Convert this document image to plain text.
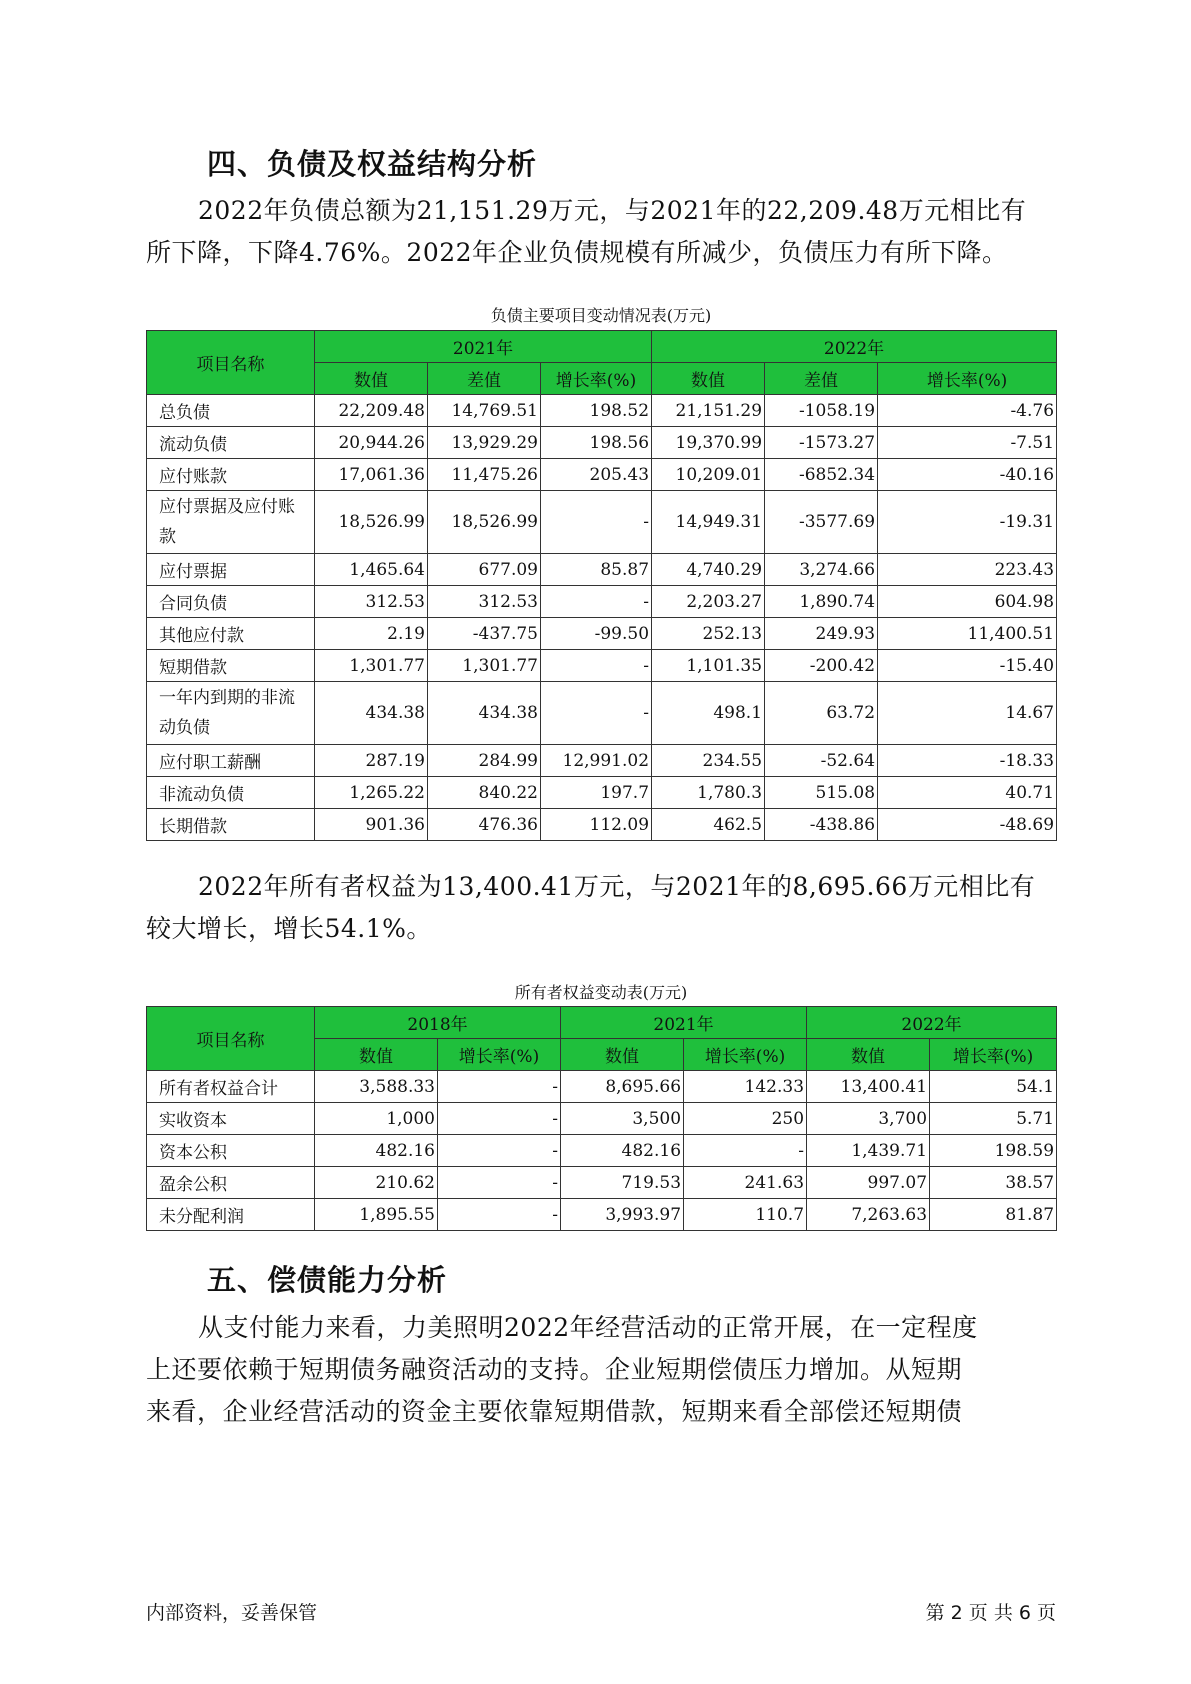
四、负债及权益结构分析
2022年负债总额为21,151.29万元，与2021年的22,209.48万元相比有
所下降，下降4.76%。2022年企业负债规模有所减少，负债压力有所下降。
负债主要项目变动情况表(万元)
项目名称	2021年			2022年		
	数值	差值	增长率(%)	数值	差值	增长率(%)
总负债	22,209.48	14,769.51	198.52	21,151.29	-1058.19	-4.76
流动负债	20,944.26	13,929.29	198.56	19,370.99	-1573.27	-7.51
应付账款	17,061.36	11,475.26	205.43	10,209.01	-6852.34	-40.16
应付票据及应付账款	18,526.99	18,526.99	-	14,949.31	-3577.69	-19.31
应付票据	1,465.64	677.09	85.87	4,740.29	3,274.66	223.43
合同负债	312.53	312.53	-	2,203.27	1,890.74	604.98
其他应付款	2.19	-437.75	-99.50	252.13	249.93	11,400.51
短期借款	1,301.77	1,301.77	-	1,101.35	-200.42	-15.40
一年内到期的非流动负债	434.38	434.38	-	498.1	63.72	14.67
应付职工薪酬	287.19	284.99	12,991.02	234.55	-52.64	-18.33
非流动负债	1,265.22	840.22	197.7	1,780.3	515.08	40.71
长期借款	901.36	476.36	112.09	462.5	-438.86	-48.69
2022年所有者权益为13,400.41万元，与2021年的8,695.66万元相比有
较大增长，增长54.1%。
所有者权益变动表(万元)
项目名称	2018年		2021年		2022年	
	数值	增长率(%)	数值	增长率(%)	数值	增长率(%)
所有者权益合计	3,588.33	-	8,695.66	142.33	13,400.41	54.1
实收资本	1,000	-	3,500	250	3,700	5.71
资本公积	482.16	-	482.16	-	1,439.71	198.59
盈余公积	210.62	-	719.53	241.63	997.07	38.57
未分配利润	1,895.55	-	3,993.97	110.7	7,263.63	81.87
五、偿债能力分析
从支付能力来看，力美照明2022年经营活动的正常开展，在一定程度
上还要依赖于短期债务融资活动的支持。企业短期偿债压力增加。从短期
来看，企业经营活动的资金主要依靠短期借款，短期来看全部偿还短期债
内部资料，妥善保管	第 2 页 共 6 页
